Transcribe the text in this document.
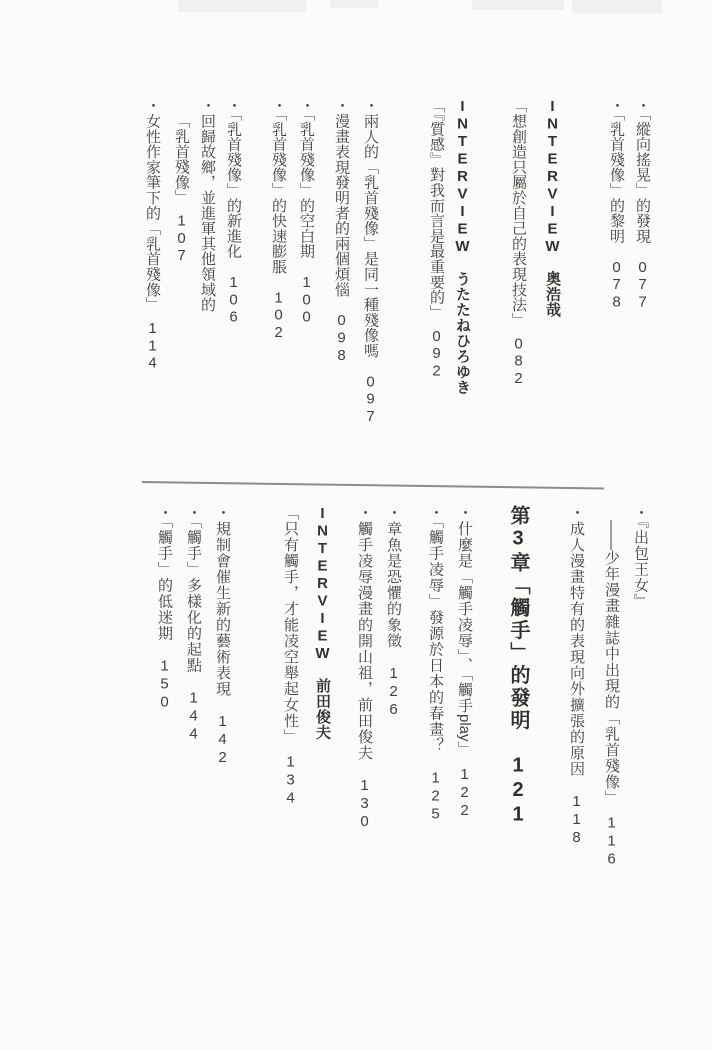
・「縱向搖晃」的發現　077
・「乳首殘像」的黎明　078
INTERVIEW　奥浩哉
「想創造只屬於自己的表現技法」　082
INTERVIEW　うたたねひろゆき
「『質感』對我而言是最重要的」　092
・兩人的「乳首殘像」是同一種殘像嗎　097
・漫畫表現發明者的兩個煩惱　098
・「乳首殘像」的空白期　100
・「乳首殘像」的快速膨脹　102
・「乳首殘像」的新進化　106
・回歸故鄉，並進軍其他領域的
「乳首殘像」　107
・女性作家筆下的「乳首殘像」　114
・『出包王女』
——少年漫畫雜誌中出現的「乳首殘像」　116
・成人漫畫特有的表現向外擴張的原因　118
第3章「觸手」的發明　121
・什麼是「觸手凌辱」、「觸手play」　122
・「觸手凌辱」發源於日本的春畫？　125
・章魚是恐懼的象徵　126
・觸手凌辱漫畫的開山祖，前田俊夫　130
INTERVIEW　前田俊夫
「只有觸手，才能凌空舉起女性」　134
・規制會催生新的藝術表現　142
・「觸手」多樣化的起點　144
・「觸手」的低迷期　150
